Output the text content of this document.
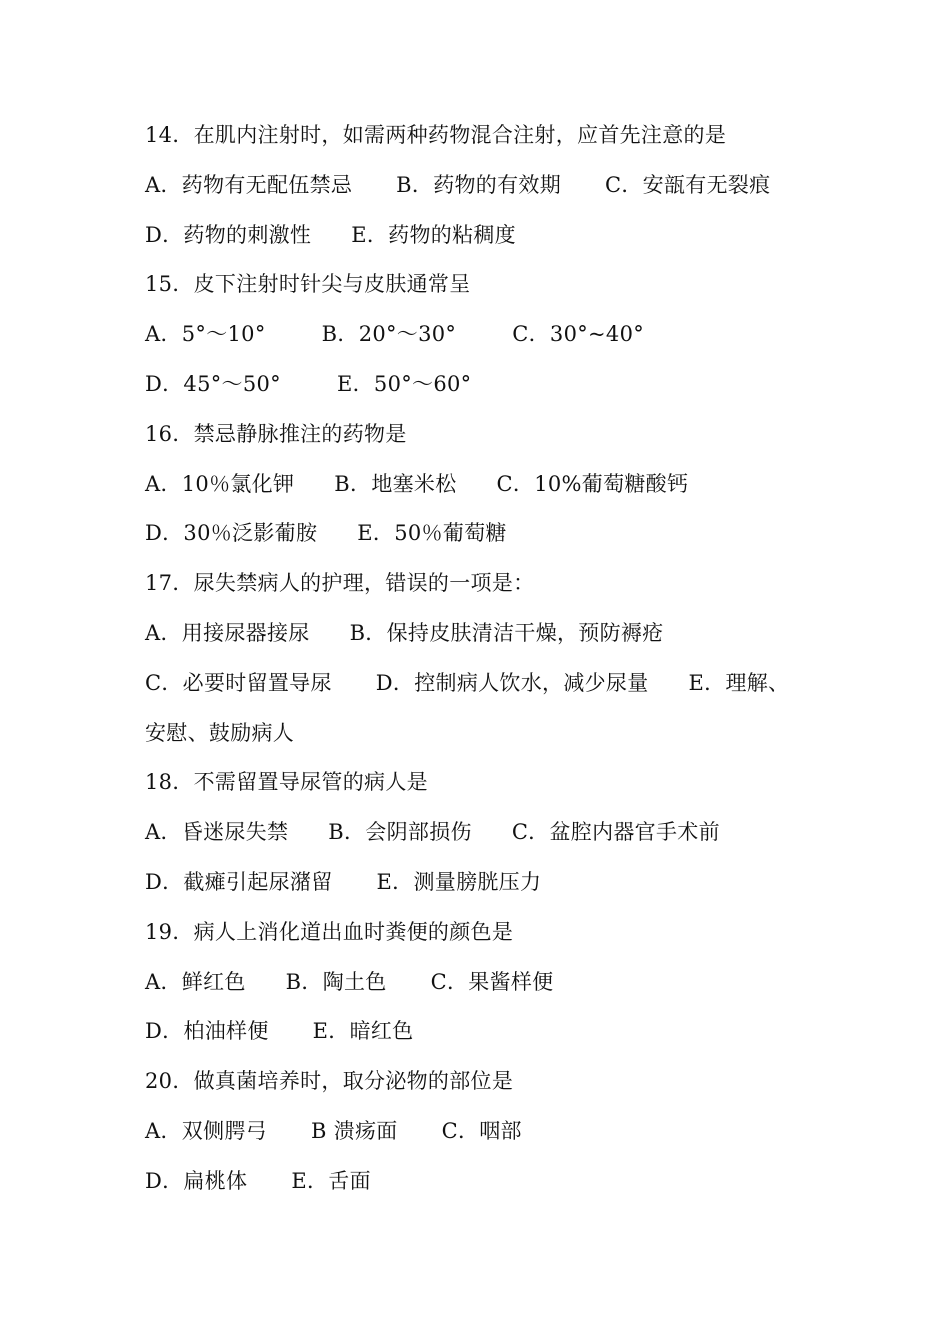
14．在肌内注射时，如需两种药物混合注射，应首先注意的是
A．药物有无配伍禁忌 B．药物的有效期 C．安瓿有无裂痕
D．药物的刺激性 E．药物的粘稠度
15．皮下注射时针尖与皮肤通常呈
A．5°～10°	B．20°～30°	C．30°~40°
D．45°～50°	E．50°～60°
16．禁忌静脉推注的药物是
A．10％氯化钾 B．地塞米松 C．10%葡萄糖酸钙
D．30％泛影葡胺 E．50％葡萄糖
17．尿失禁病人的护理，错误的一项是：
A．用接尿器接尿 B．保持皮肤清洁干燥，预防褥疮
C．必要时留置导尿 D．控制病人饮水，减少尿量 E．理解、
安慰、鼓励病人
18．不需留置导尿管的病人是
A．昏迷尿失禁 B．会阴部损伤 C．盆腔内器官手术前
D．截瘫引起尿潴留 E．测量膀胱压力
19．病人上消化道出血时粪便的颜色是
A．鲜红色 B．陶土色 C．果酱样便
D．柏油样便 E．暗红色
20．做真菌培养时，取分泌物的部位是
A．双侧腭弓 B 溃疡面 C．咽部
D．扁桃体 E．舌面
